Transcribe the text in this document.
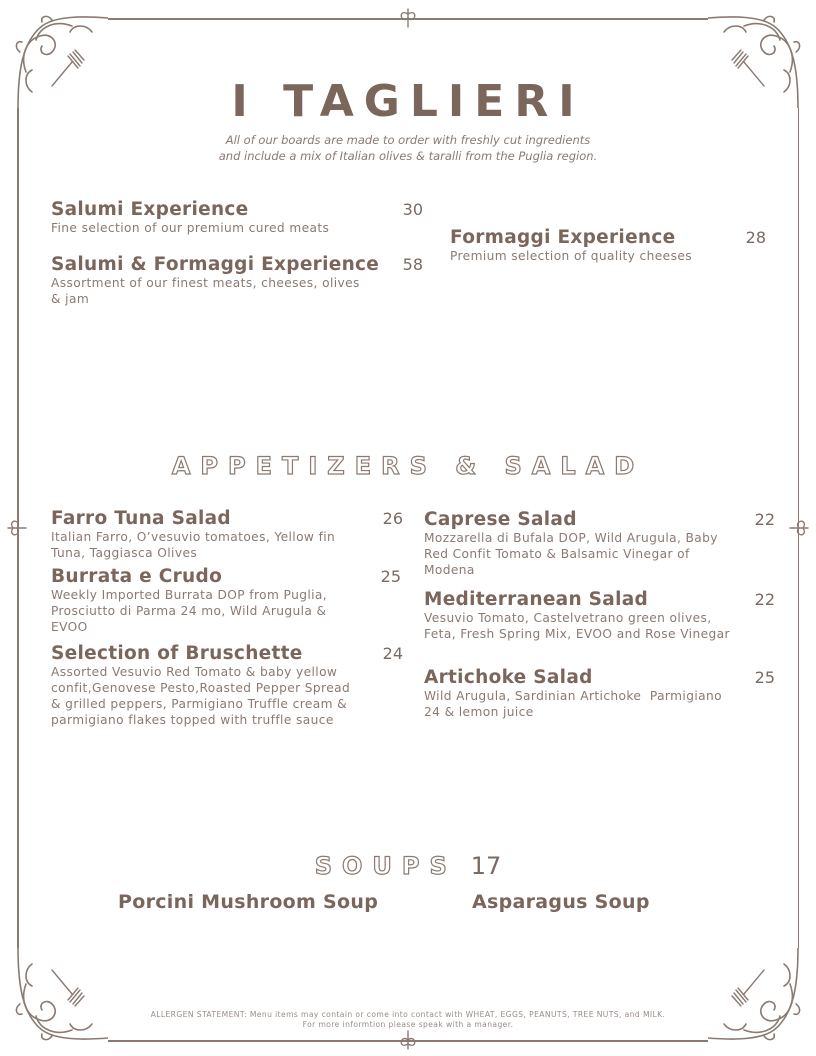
I TAGLIERI
All of our boards are made to order with freshly cut ingredients
and include a mix of Italian olives & taralli from the Puglia region.
Salumi Experience	30
Fine selection of our premium cured meats
Salumi & Formaggi Experience 58
Assortment of our finest meats, cheeses, olives & jam
Formaggi Experience	28
Premium selection of quality cheeses
APPETIZERS & SALAD
Farro Tuna Salad	26
Italian Farro, O’vesuvio tomatoes, Yellow fin Tuna, Taggiasca Olives
Burrata e Crudo	25
Weekly Imported Burrata DOP from Puglia, Prosciutto di Parma 24 mo, Wild Arugula & EVOO
Selection of Bruschette	24
Assorted Vesuvio Red Tomato & baby yellow confit,Genovese Pesto,Roasted Pepper Spread & grilled peppers, Parmigiano Truffle cream & parmigiano flakes topped with truffle sauce
Caprese Salad	22
Mozzarella di Bufala DOP, Wild Arugula, Baby Red Confit Tomato & Balsamic Vinegar of Modena
Mediterranean Salad	22
Vesuvio Tomato, Castelvetrano green olives, Feta, Fresh Spring Mix, EVOO and Rose Vinegar
Artichoke Salad	25
Wild Arugula, Sardinian Artichoke  Parmigiano 24 & lemon juice
SOUPS 17
Porcini Mushroom Soup	Asparagus Soup
ALLERGEN STATEMENT: Menu items may contain or come into contact with WHEAT, EGGS, PEANUTS, TREE NUTS, and MILK.
For more informtion please speak with a manager.
